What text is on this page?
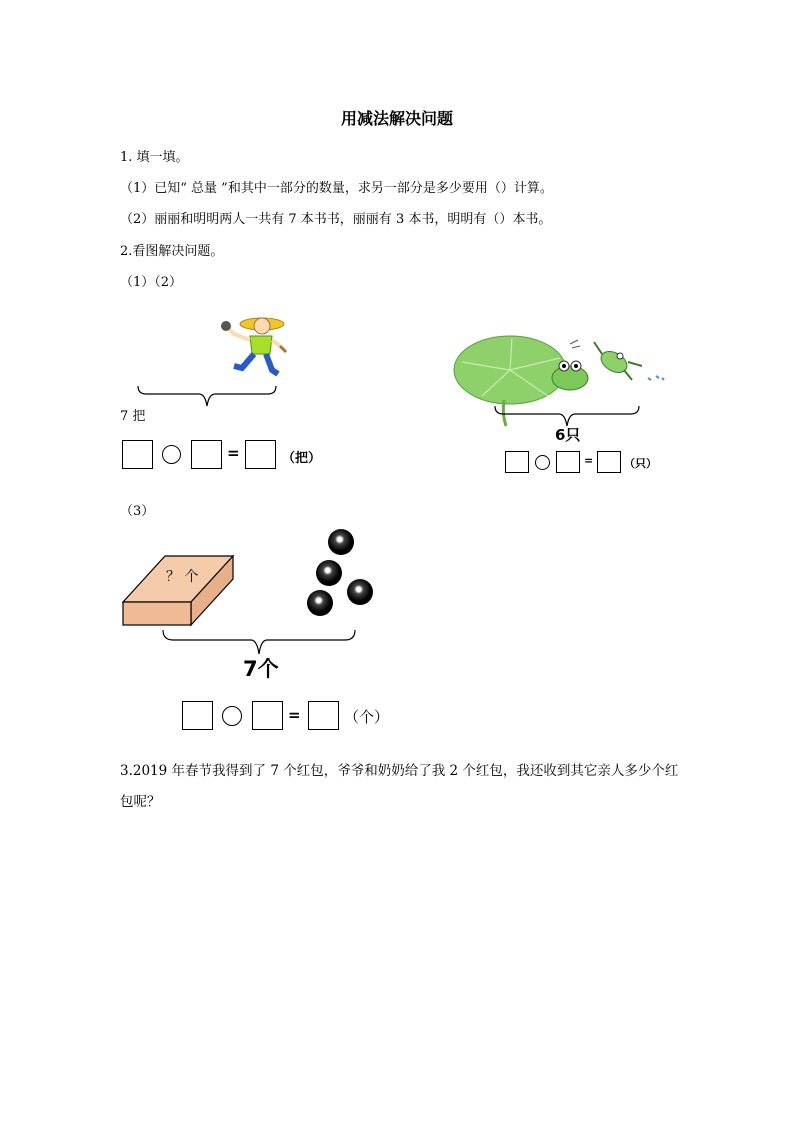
用减法解决问题
1. 填一填。
（1）已知“ 总量 ”和其中一部分的数量，求另一部分是多少要用（）计算。
（2）丽丽和明明两人一共有 7 本书书，丽丽有 3 本书，明明有（）本书。
2.看图解决问题。
（1）（2）
7 把
=	（把）
6只
=	（只）
（3）
？ 个
7个
=	（个）
3.2019 年春节我得到了 7 个红包，爷爷和奶奶给了我 2 个红包，我还收到其它亲人多少个红
包呢？
